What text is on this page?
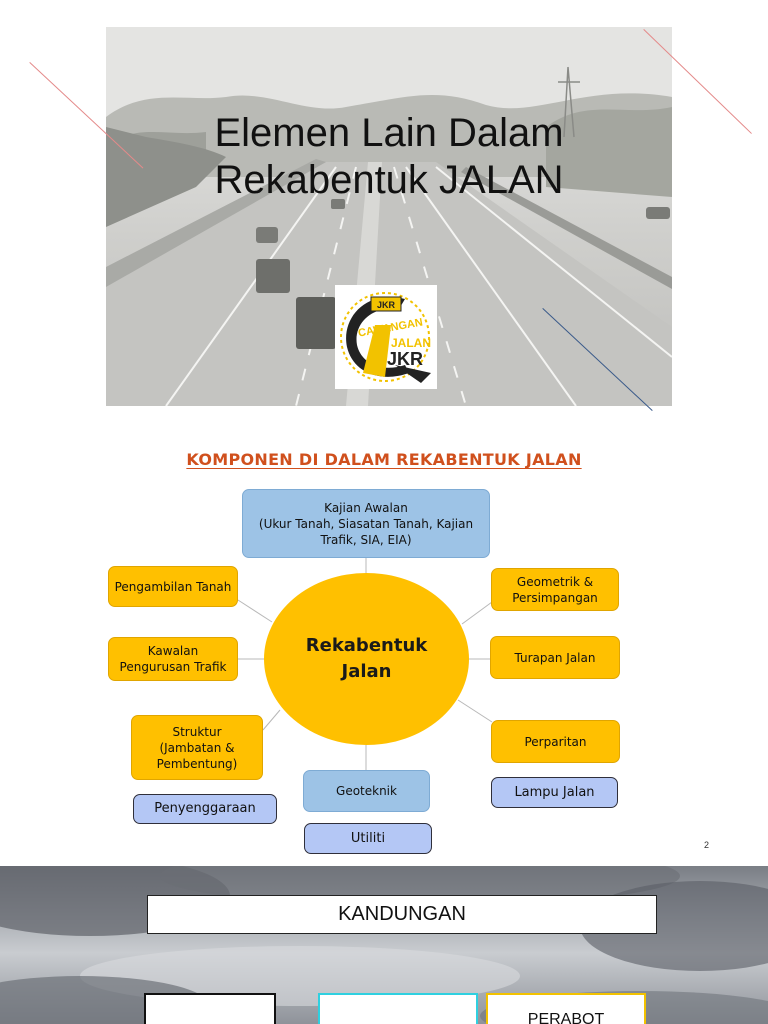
Elemen Lain Dalam
Rekabentuk JALAN
JKR
CAWANGAN
JALAN
JKR
KOMPONEN DI DALAM REKABENTUK JALAN
Kajian Awalan
(Ukur Tanah, Siasatan Tanah, Kajian
Trafik, SIA, EIA)
Pengambilan Tanah
Kawalan
Pengurusan Trafik
Struktur
(Jambatan &
Pembentung)
Rekabentuk
Jalan
Geometrik &
Persimpangan
Turapan Jalan
Perparitan
Geoteknik
Penyenggaraan
Lampu Jalan
Utiliti	2
KANDUNGAN
PERABOT
